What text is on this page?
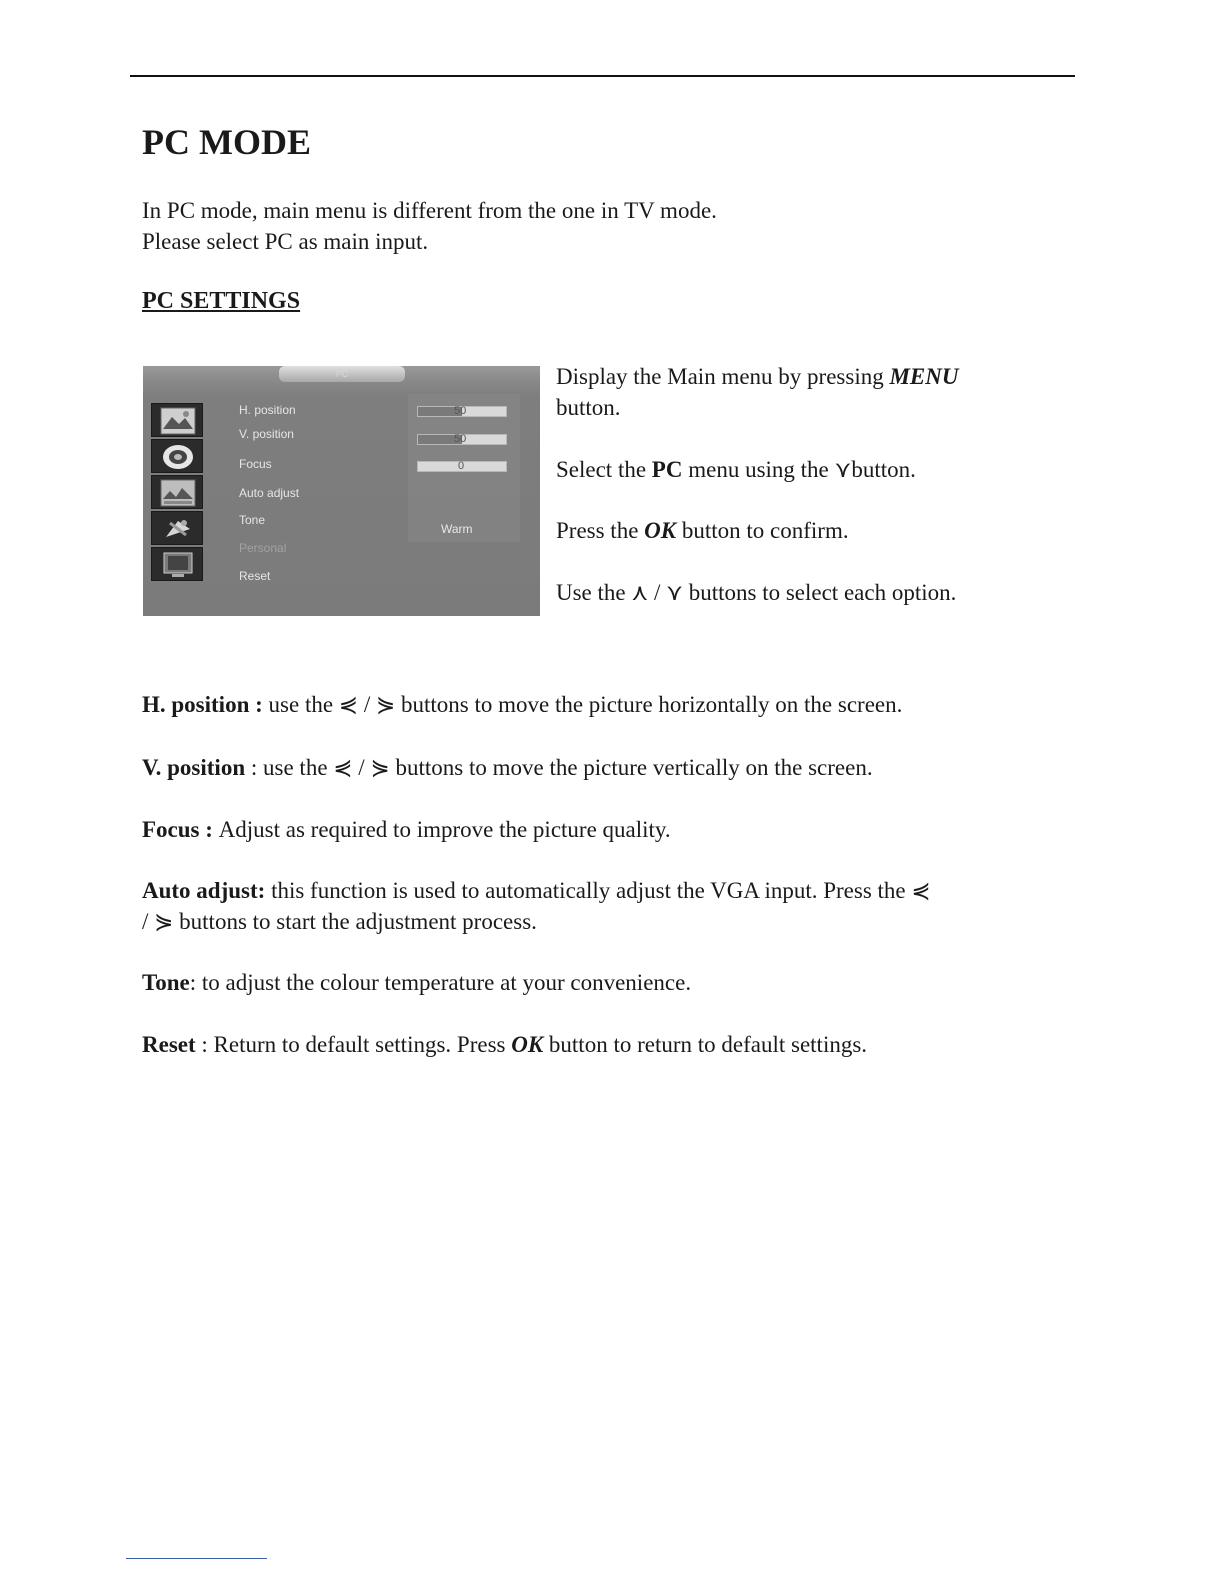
PC MODE
In PC mode, main menu is different from the one in TV mode.
Please select PC as main input.
PC SETTINGS
PC
H. position
V. position
Focus
Auto adjust
Tone
Personal
Reset
50
50
0
Warm

Display the Main menu by pressing MENU
button.

Select the PC menu using the ⋎button.

Press the OK button to confirm.

Use the ⋏ / ⋎ buttons to select each option.

H. position : use the ⋞ / ⋟ buttons to move the picture horizontally on the screen.

V. position : use the ⋞ / ⋟ buttons to move the picture vertically on the screen.

Focus : Adjust as required to improve the picture quality.

Auto adjust: this function is used to automatically adjust the VGA input. Press the ⋞
/ ⋟ buttons to start the adjustment process.

Tone: to adjust the colour temperature at your convenience.

Reset : Return to default settings. Press OK button to return to default settings.
